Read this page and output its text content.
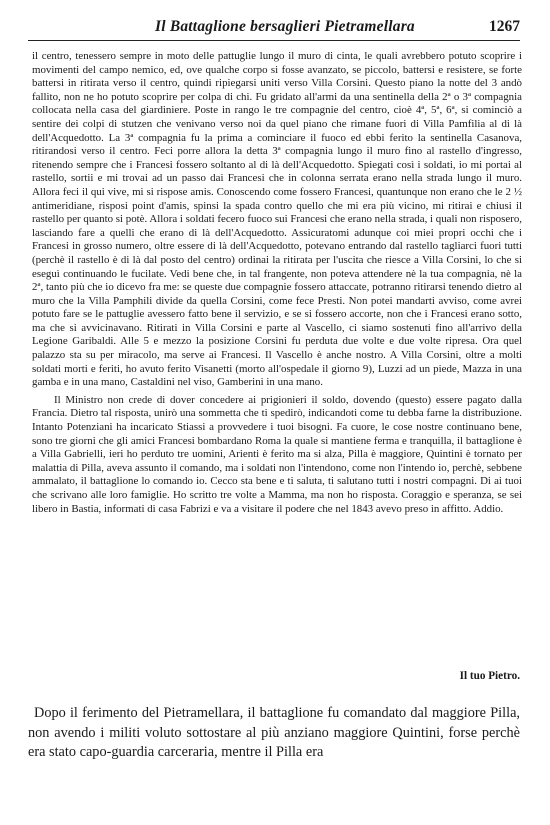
Il Battaglione bersaglieri Pietramellara	1267

il centro, tenessero sempre in moto delle pattuglie lungo il muro di cinta, le quali avrebbero potuto scoprire i movimenti del campo nemico, ed, ove qualche corpo si fosse avanzato, se piccolo, battersi e resistere, se forte battersi in ritirata verso il centro, quindi ripiegarsi uniti verso Villa Corsini. Questo piano la notte del 3 andò fallito, non ne ho potuto scoprire per colpa di chi. Fu gridato all'armi da una sentinella della 2ª o 3ª compagnia collocata nella casa del giardiniere. Poste in rango le tre compagnie del centro, cioè 4ª, 5ª, 6ª, si cominciò a sentire dei colpi di stutzen che venivano verso noi da quel piano che rimane fuori di Villa Pamfilia al di là dell'Acquedotto. La 3ª compagnia fu la prima a cominciare il fuoco ed ebbi ferito la sentinella Casanova, ritirandosi verso il centro. Feci porre allora la detta 3ª compagnia lungo il muro fino al rastello d'ingresso, ritenendo sempre che i Francesi fossero soltanto al di là dell'Acquedotto. Spiegati così i soldati, io mi portai al rastello, sortii e mi trovai ad un passo dai Francesi che in colonna serrata erano nella strada lungo il muro. Allora feci il qui vive, mi si rispose amis. Conoscendo come fossero Francesi, quantunque non erano che le 2 ½ antimeridiane, risposi point d'amis, spinsi la spada contro quello che mi era più vicino, mi ritirai e chiusi il rastello per quanto si potè. Allora i soldati fecero fuoco sui Francesi che erano nella strada, i quali non risposero, lasciando fare a quelli che erano di là dell'Acquedotto. Assicuratomi adunque coi miei propri occhi che i Francesi in grosso numero, oltre essere di là dell'Acquedotto, potevano entrando dal rastello tagliarci fuori tutti (perchè il rastello è di là dal posto del centro) ordinai la ritirata per l'uscita che riesce a Villa Corsini, lo che si eseguì continuando le fucilate. Vedi bene che, in tal frangente, non poteva attendere nè la tua compagnia, nè la 2ª, tanto più che io dicevo fra me: se queste due compagnie fossero attaccate, potranno ritirarsi tenendo dietro al muro che la Villa Pamphili divide da quella Corsini, come fece Presti. Non potei mandarti avviso, come avrei potuto fare se le pattuglie avessero fatto bene il servizio, e se si fossero accorte, non che i Francesi erano sotto, ma che si avvicinavano. Ritirati in Villa Corsini e parte al Vascello, ci siamo sostenuti fino all'arrivo della Legione Garibaldi. Alle 5 e mezzo la posizione Corsini fu perduta due volte e due volte ripresa. Ora quel palazzo sta su per miracolo, ma serve ai Francesi. Il Vascello è anche nostro. A Villa Corsini, oltre a molti soldati morti e feriti, ho avuto ferito Visanetti (morto all'ospedale il giorno 9), Luzzi ad un piede, Mazza in una gamba e in una mano, Castaldini nel viso, Gamberini in una mano.

Il Ministro non crede di dover concedere ai prigionieri il soldo, dovendo (questo) essere pagato dalla Francia. Dietro tal risposta, unirò una sommetta che ti spedirò, indicandoti come tu debba farne la distribuzione. Intanto Potenziani ha incaricato Stiassi a provvedere i tuoi bisogni. Fa cuore, le cose nostre continuano bene, sono tre giorni che gli amici Francesi bombardano Roma la quale si mantiene ferma e tranquilla, il battaglione è a Villa Gabrielli, ieri ho perduto tre uomini, Arienti è ferito ma si alza, Pilla è maggiore, Quintini è tornato per malattia di Pilla, aveva assunto il comando, ma i soldati non l'intendono, come non l'intendo io, perchè, sebbene ammalato, il battaglione lo comando io. Cecco sta bene e ti saluta, ti salutano tutti i nostri compagni. Di ai tuoi che scrivano alle loro famiglie. Ho scritto tre volte a Mamma, ma non ho risposta. Coraggio e speranza, se sei libero in Bastia, informati di casa Fabrizi e va a visitare il podere che nel 1843 avevo preso in affitto. Addio.

Il tuo Pietro.
Dopo il ferimento del Pietramellara, il battaglione fu comandato dal maggiore Pilla, non avendo i militi voluto sottostare al più anziano maggiore Quintini, forse perchè era stato capo-guardia carceraria, mentre il Pilla era
